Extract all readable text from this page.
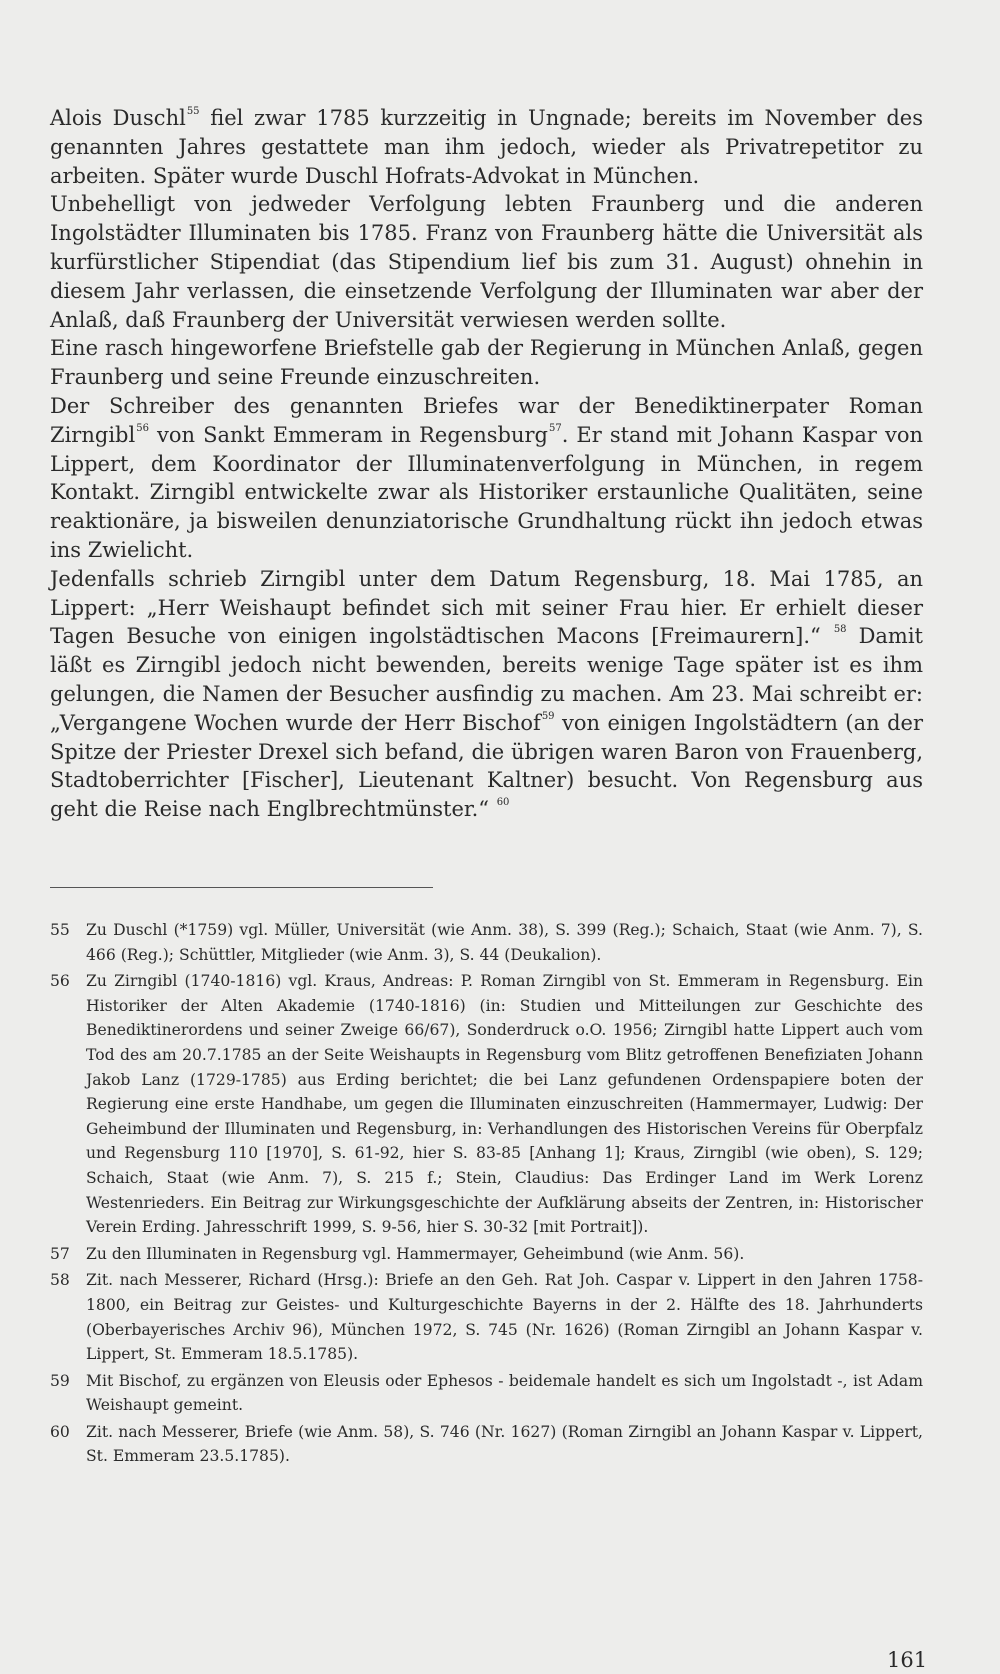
Alois Duschl$^{55}$ fiel zwar 1785 kurzzeitig in Ungnade; bereits im November des genannten Jahres gestattete man ihm jedoch, wieder als Privatrepetitor zu arbeiten. Später wurde Duschl Hofrats-Advokat in München.

Unbehelligt von jedweder Verfolgung lebten Fraunberg und die anderen Ingolstädter Illuminaten bis 1785. Franz von Fraunberg hätte die Universität als kurfürstlicher Stipendiat (das Stipendium lief bis zum 31. August) ohnehin in diesem Jahr verlassen, die einsetzende Verfolgung der Illuminaten war aber der Anlaß, daß Fraunberg der Universität verwiesen werden sollte.

Eine rasch hingeworfene Briefstelle gab der Regierung in München Anlaß, gegen Fraunberg und seine Freunde einzuschreiten.

Der Schreiber des genannten Briefes war der Benediktinerpater Roman Zirngibl$^{56}$ von Sankt Emmeram in Regensburg$^{57}$. Er stand mit Johann Kaspar von Lippert, dem Koordinator der Illuminatenverfolgung in München, in regem Kontakt. Zirngibl entwickelte zwar als Historiker erstaunliche Qualitäten, seine reaktionäre, ja bisweilen denunziatorische Grundhaltung rückt ihn jedoch etwas ins Zwielicht.

Jedenfalls schrieb Zirngibl unter dem Datum Regensburg, 18. Mai 1785, an Lippert: „Herr Weishaupt befindet sich mit seiner Frau hier. Er erhielt dieser Tagen Besuche von einigen ingolstädtischen Macons [Freimaurern].“ $^{58}$ Damit läßt es Zirngibl jedoch nicht bewenden, bereits wenige Tage später ist es ihm gelungen, die Namen der Besucher ausfindig zu machen. Am 23. Mai schreibt er: „Vergangene Wochen wurde der Herr Bischof$^{59}$ von einigen Ingolstädtern (an der Spitze der Priester Drexel sich befand, die übrigen waren Baron von Frauenberg, Stadtoberrichter [Fischer], Lieutenant Kaltner) besucht. Von Regensburg aus geht die Reise nach Englbrechtmünster.“ $^{60}$

55 Zu Duschl (*1759) vgl. Müller, Universität (wie Anm. 38), S. 399 (Reg.); Schaich, Staat (wie Anm. 7), S. 466 (Reg.); Schüttler, Mitglieder (wie Anm. 3), S. 44 (Deukalion).
56 Zu Zirngibl (1740-1816) vgl. Kraus, Andreas: P. Roman Zirngibl von St. Emmeram in Regensburg. Ein Historiker der Alten Akademie (1740-1816) (in: Studien und Mitteilungen zur Geschichte des Benediktinerordens und seiner Zweige 66/67), Sonderdruck o.O. 1956; Zirngibl hatte Lippert auch vom Tod des am 20.7.1785 an der Seite Weishaupts in Regensburg vom Blitz getroffenen Benefiziaten Johann Jakob Lanz (1729-1785) aus Erding berichtet; die bei Lanz gefundenen Ordenspapiere boten der Regierung eine erste Handhabe, um gegen die Illuminaten einzuschreiten (Hammermayer, Ludwig: Der Geheimbund der Illuminaten und Regensburg, in: Verhandlungen des Historischen Vereins für Oberpfalz und Regensburg 110 [1970], S. 61-92, hier S. 83-85 [Anhang 1]; Kraus, Zirngibl (wie oben), S. 129; Schaich, Staat (wie Anm. 7), S. 215 f.; Stein, Claudius: Das Erdinger Land im Werk Lorenz Westenrieders. Ein Beitrag zur Wirkungsgeschichte der Aufklärung abseits der Zentren, in: Historischer Verein Erding. Jahresschrift 1999, S. 9-56, hier S. 30-32 [mit Portrait]).
57 Zu den Illuminaten in Regensburg vgl. Hammermayer, Geheimbund (wie Anm. 56).
58 Zit. nach Messerer, Richard (Hrsg.): Briefe an den Geh. Rat Joh. Caspar v. Lippert in den Jahren 1758-1800, ein Beitrag zur Geistes- und Kulturgeschichte Bayerns in der 2. Hälfte des 18. Jahrhunderts (Oberbayerisches Archiv 96), München 1972, S. 745 (Nr. 1626) (Roman Zirngibl an Johann Kaspar v. Lippert, St. Emmeram 18.5.1785).
59 Mit Bischof, zu ergänzen von Eleusis oder Ephesos - beidemale handelt es sich um Ingolstadt -, ist Adam Weishaupt gemeint.
60 Zit. nach Messerer, Briefe (wie Anm. 58), S. 746 (Nr. 1627) (Roman Zirngibl an Johann Kaspar v. Lippert, St. Emmeram 23.5.1785).
161
